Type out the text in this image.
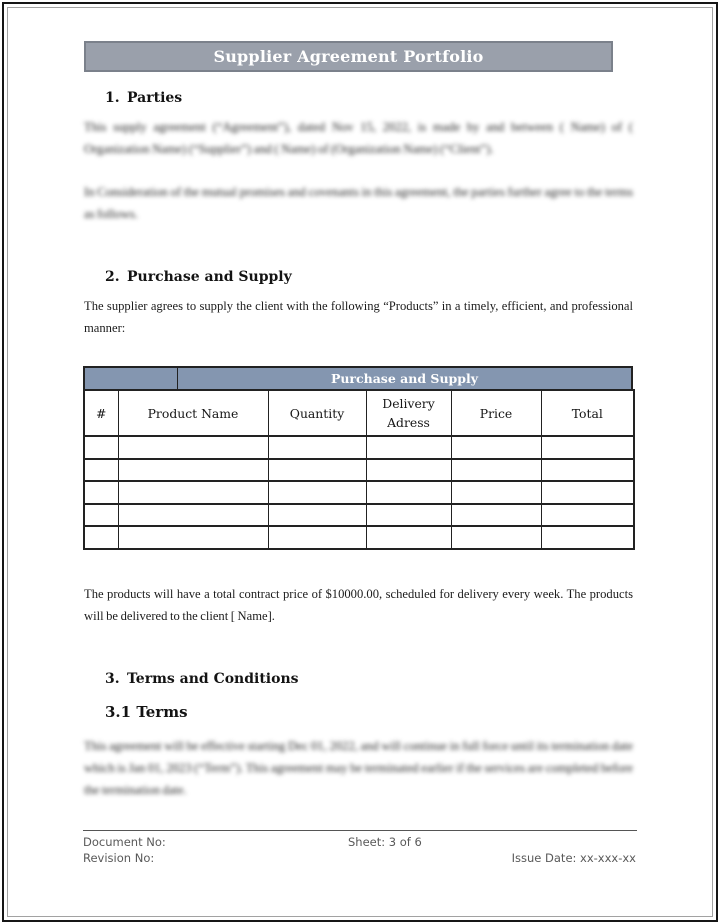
Supplier Agreement Portfolio
1. Parties

This supply agreement (“Agreement”), dated Nov 15, 2022, is made by and between ( Name) of ( Organization Name) (“Supplier”) and ( Name) of (Organization Name) (“Client”).

In Consideration of the mutual promises and covenants in this agreement, the parties further agree to the terms as follows.

2. Purchase and Supply

The supplier agrees to supply the client with the following “Products” in a timely, efficient, and professional manner:

Purchase and Supply
#	Product Name	Quantity	Delivery Adress	Price	Total

The products will have a total contract price of $10000.00, scheduled for delivery every week. The products will be delivered to the client [ Name].

3. Terms and Conditions
3.1 Terms

This agreement will be effective starting Dec 01, 2022, and will continue in full force until its termination date which is Jan 01, 2023 (“Term”). This agreement may be terminated earlier if the services are completed before the termination date.

Document No:	Sheet: 3 of 6
Revision No:	Issue Date: xx-xxx-xx
